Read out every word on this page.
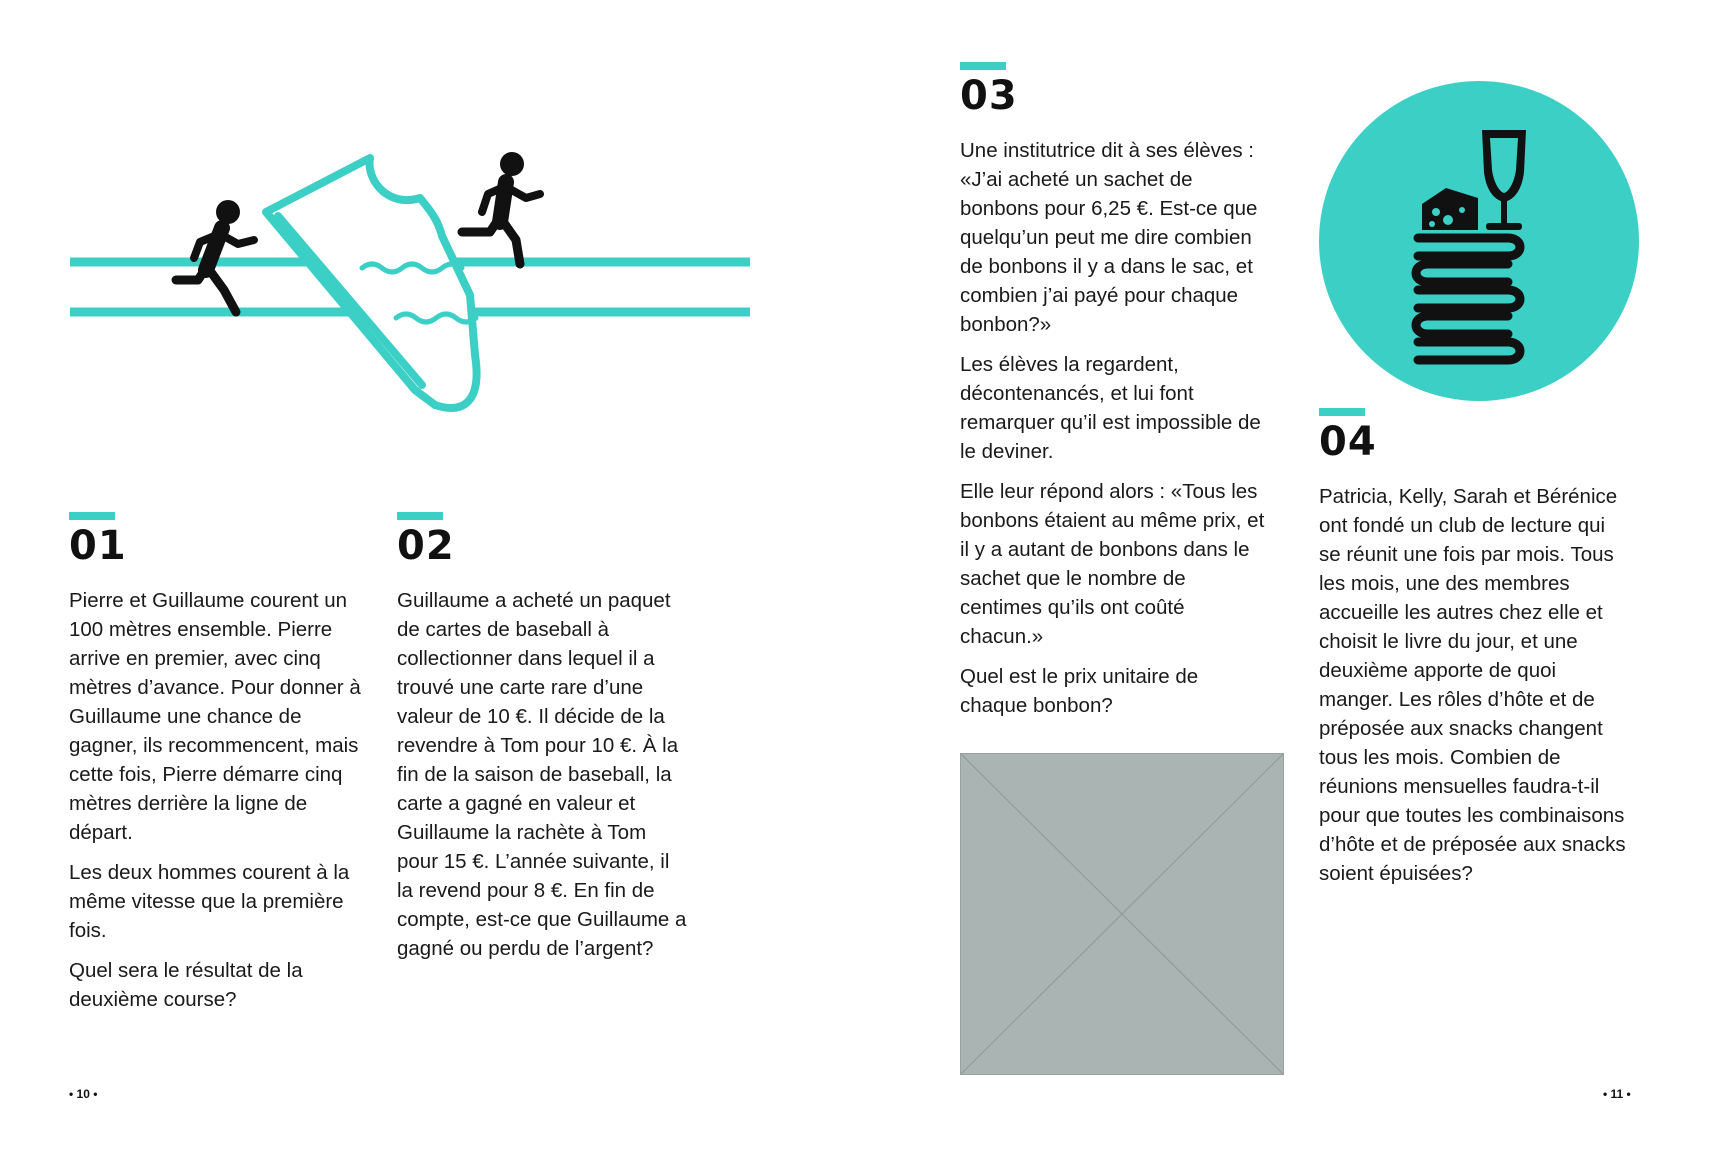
01

Pierre et Guillaume courent un 100 mètres ensemble. Pierre arrive en premier, avec cinq mètres d’avance. Pour donner à Guillaume une chance de gagner, ils recommencent, mais cette fois, Pierre démarre cinq mètres derrière la ligne de départ.

Les deux hommes courent à la même vitesse que la première fois.

Quel sera le résultat de la deuxième course?

02

Guillaume a acheté un paquet de cartes de baseball à collectionner dans lequel il a trouvé une carte rare d’une valeur de 10 €. Il décide de la revendre à Tom pour 10 €. À la fin de la saison de baseball, la carte a gagné en valeur et Guillaume la rachète à Tom pour 15 €. L’année suivante, il la revend pour 8 €. En fin de compte, est-ce que Guillaume a gagné ou perdu de l’argent?

• 10 •
03

Une institutrice dit à ses élèves : «J’ai acheté un sachet de bonbons pour 6,25 €. Est-ce que quelqu’un peut me dire combien de bonbons il y a dans le sac, et combien j’ai payé pour chaque bonbon?»

Les élèves la regardent, décontenancés, et lui font remarquer qu’il est impossible de le deviner.

Elle leur répond alors : «Tous les bonbons étaient au même prix, et il y a autant de bonbons dans le sachet que le nombre de centimes qu’ils ont coûté chacun.»

Quel est le prix unitaire de chaque bonbon?

04

Patricia, Kelly, Sarah et Bérénice ont fondé un club de lecture qui se réunit une fois par mois. Tous les mois, une des membres accueille les autres chez elle et choisit le livre du jour, et une deuxième apporte de quoi manger. Les rôles d’hôte et de préposée aux snacks changent tous les mois. Combien de réunions mensuelles faudra-t-il pour que toutes les combinaisons d’hôte et de préposée aux snacks soient épuisées?

• 11 •
